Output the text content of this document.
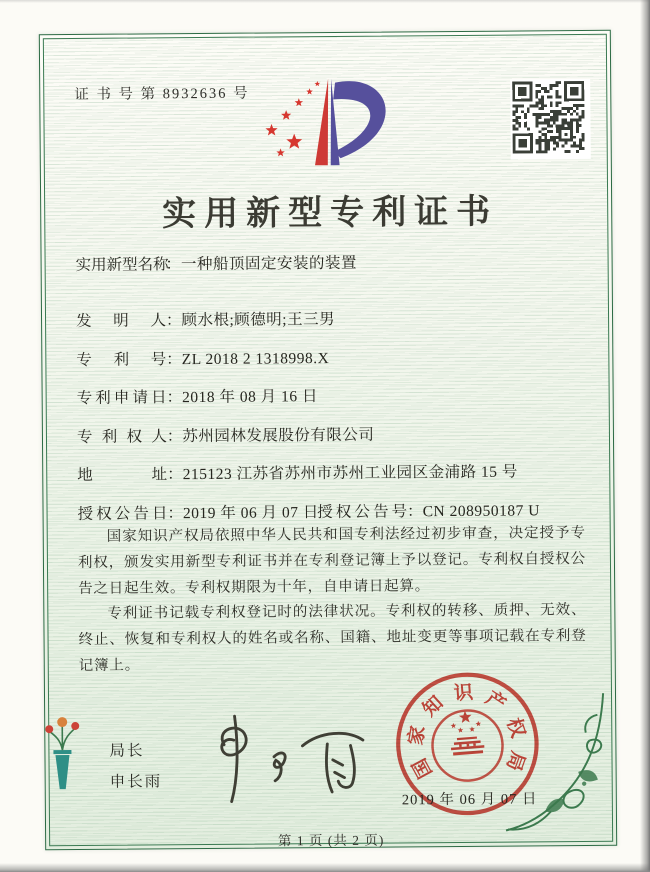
证 书 号 第 8932636 号
实用新型专利证书
实用新型名称：一种船顶固定安装的装置
发明人：顾水根;顾德明;王三男
专利号：ZL 2018 2 1318998.X
专利申请日：2018 年 08 月 16 日
专利权人：苏州园林发展股份有限公司
地址：215123 江苏省苏州市苏州工业园区金浦路 15 号
授权公告日：2019 年 06 月 07 日
授权公告号：CN 208950187 U

国家知识产权局依照中华人民共和国专利法经过初步审查，决定授予专利权，颁发实用新型专利证书并在专利登记簿上予以登记。专利权自授权公告之日起生效。专利权期限为十年，自申请日起算。

专利证书记载专利权登记时的法律状况。专利权的转移、质押、无效、终止、恢复和专利权人的姓名或名称、国籍、地址变更等事项记载在专利登记簿上。

国
家
知 识 产
权
局
2019 年 06 月 07 日
局长
申长雨
第 1 页 (共 2 页)
